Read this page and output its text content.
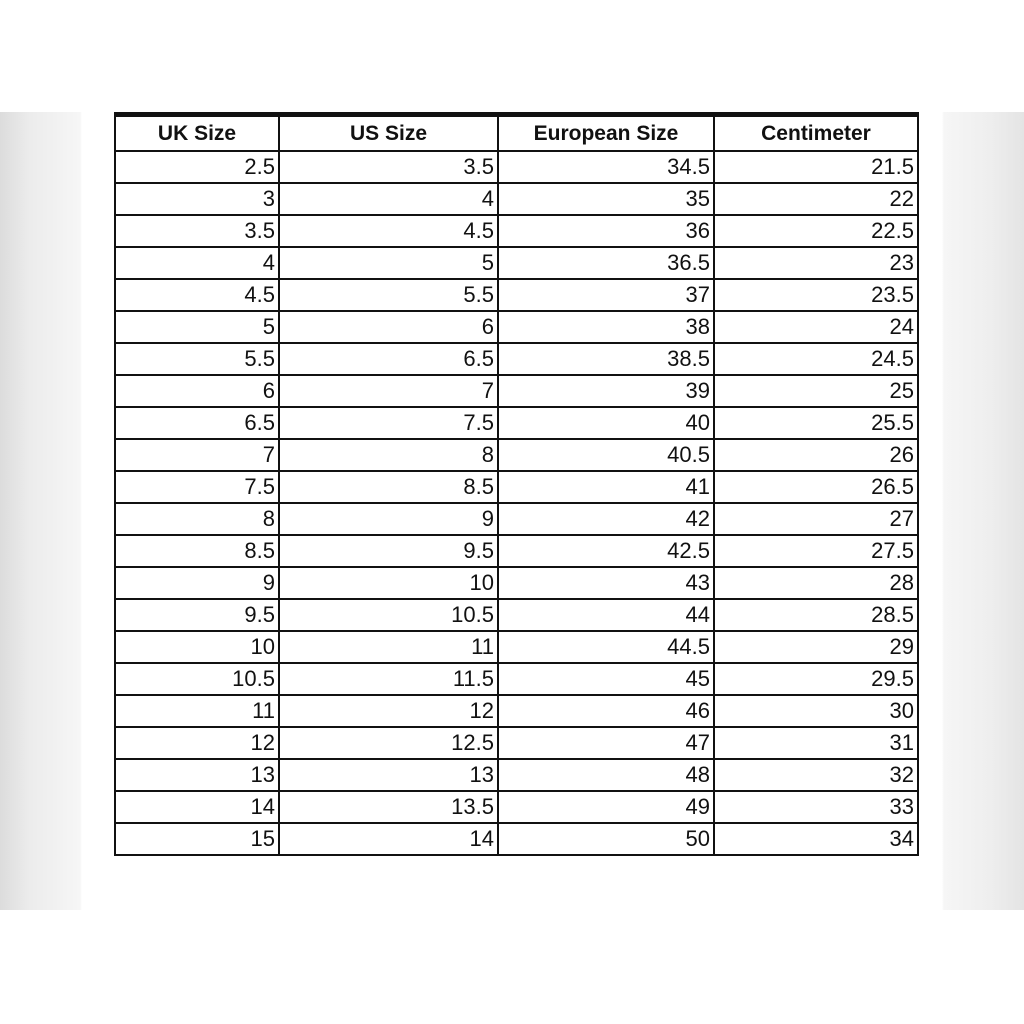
UK Size	US Size	European Size	Centimeter
2.5	3.5	34.5	21.5
3	4	35	22
3.5	4.5	36	22.5
4	5	36.5	23
4.5	5.5	37	23.5
5	6	38	24
5.5	6.5	38.5	24.5
6	7	39	25
6.5	7.5	40	25.5
7	8	40.5	26
7.5	8.5	41	26.5
8	9	42	27
8.5	9.5	42.5	27.5
9	10	43	28
9.5	10.5	44	28.5
10	11	44.5	29
10.5	11.5	45	29.5
11	12	46	30
12	12.5	47	31
13	13	48	32
14	13.5	49	33
15	14	50	34
